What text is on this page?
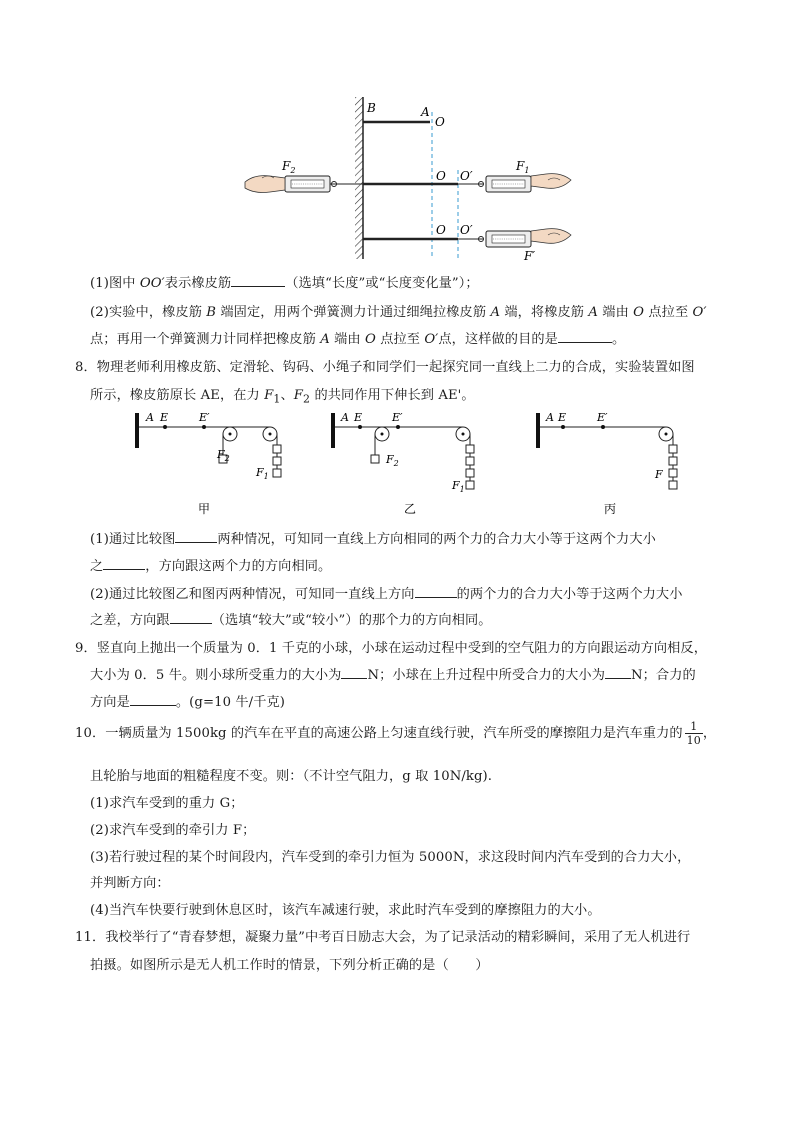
B	A
O
O O′
O O′
$F_2$	$F_1$
F′
(1)图中 OO′表示橡皮筋	（选填“长度”或“长度变化量”）；
(2)实验中，橡皮筋 B 端固定，用两个弹簧测力计通过细绳拉橡皮筋 A 端，将橡皮筋 A 端由 O 点拉至 O′
点；再用一个弹簧测力计同样把橡皮筋 A 端由 O 点拉至 O′点，这样做的目的是	。
8．物理老师利用橡皮筋、定滑轮、钩码、小绳子和同学们一起探究同一直线上二力的合成，实验装置如图
所示，橡皮筋原长 AE，在力 $F_1$、$F_2$ 的共同作用下伸长到 AE'。
A E	E′
$F_2$
$F_1$
甲
A E	E′
$F_2$
$F_1$
乙
A E	E′
F
丙
(1)通过比较图	两种情况，可知同一直线上方向相同的两个力的合力大小等于这两个力大小
之	，方向跟这两个力的方向相同。
(2)通过比较图乙和图丙两种情况，可知同一直线上方向	的两个力的合力大小等于这两个力大小
之差，方向跟	（选填“较大”或“较小”）的那个力的方向相同。
9．竖直向上抛出一个质量为 0．1 千克的小球，小球在运动过程中受到的空气阻力的方向跟运动方向相反，
大小为 0．5 牛。则小球所受重力的大小为 N；小球在上升过程中所受合力的大小为 N；合力的
方向是	。(g=10 牛/千克)
10．一辆质量为 1500kg 的汽车在平直的高速公路上匀速直线行驶，汽车所受的摩擦阻力是汽车重力的 $\frac{1}{10}$ ，
且轮胎与地面的粗糙程度不变。则：（不计空气阻力，g 取 10N/kg).
(1)求汽车受到的重力 G；
(2)求汽车受到的牵引力 F；
(3)若行驶过程的某个时间段内，汽车受到的牵引力恒为 5000N，求这段时间内汽车受到的合力大小，
并判断方向：
(4)当汽车快要行驶到休息区时，该汽车减速行驶，求此时汽车受到的摩擦阻力的大小。
11．我校举行了“青春梦想，凝聚力量”中考百日励志大会，为了记录活动的精彩瞬间，采用了无人机进行
拍摄。如图所示是无人机工作时的情景，下列分析正确的是（　　）
